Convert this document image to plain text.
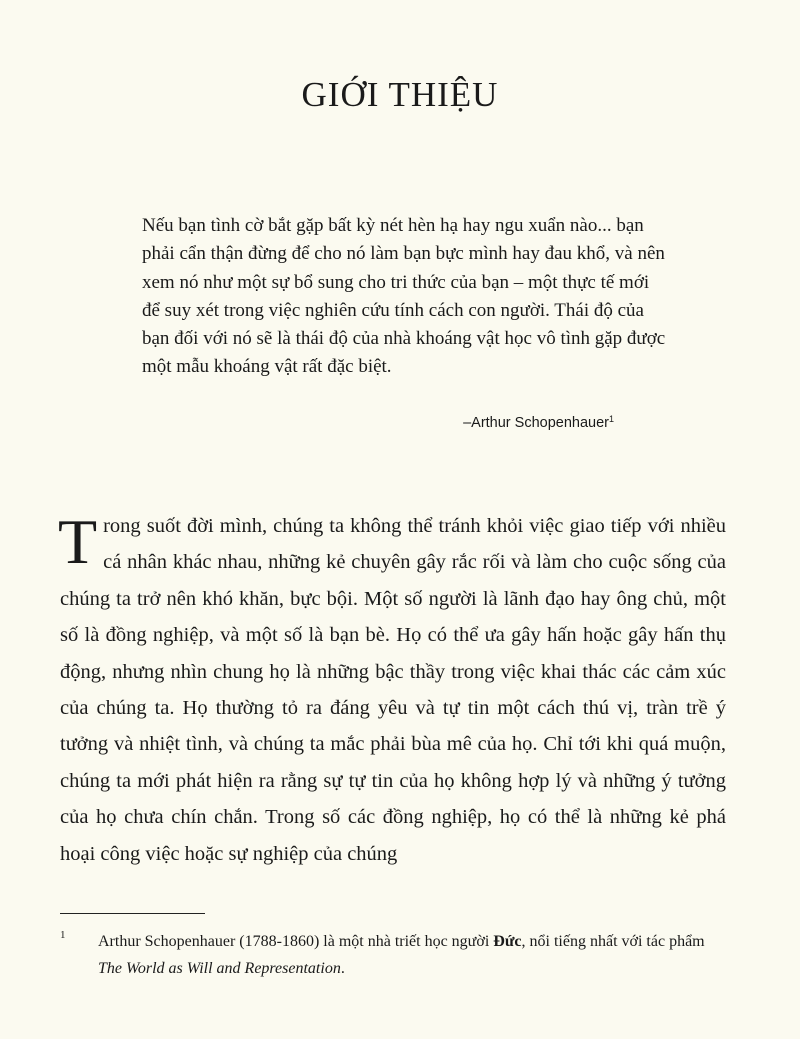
GIỚI THIỆU

Nếu bạn tình cờ bắt gặp bất kỳ nét hèn hạ hay ngu xuẩn nào... bạn phải cẩn thận đừng để cho nó làm bạn bực mình hay đau khổ, và nên xem nó như một sự bổ sung cho tri thức của bạn – một thực tế mới để suy xét trong việc nghiên cứu tính cách con người. Thái độ của bạn đối với nó sẽ là thái độ của nhà khoáng vật học vô tình gặp được một mẫu khoáng vật rất đặc biệt.

–Arthur Schopenhauer$^1$
T rong suốt đời mình, chúng ta không thể tránh khỏi việc giao tiếp với nhiều cá nhân khác nhau, những kẻ chuyên gây rắc rối và làm cho cuộc sống của chúng ta trở nên khó khăn, bực bội. Một số người là lãnh đạo hay ông chủ, một số là đồng nghiệp, và một số là bạn bè. Họ có thể ưa gây hấn hoặc gây hấn thụ động, nhưng nhìn chung họ là những bậc thầy trong việc khai thác các cảm xúc của chúng ta. Họ thường tỏ ra đáng yêu và tự tin một cách thú vị, tràn trề ý tưởng và nhiệt tình, và chúng ta mắc phải bùa mê của họ. Chỉ tới khi quá muộn, chúng ta mới phát hiện ra rằng sự tự tin của họ không hợp lý và những ý tưởng của họ chưa chín chắn. Trong số các đồng nghiệp, họ có thể là những kẻ phá hoại công việc hoặc sự nghiệp của chúng

1 Arthur Schopenhauer (1788-1860) là một nhà triết học người Đức, nổi tiếng nhất với tác phẩm The World as Will and Representation.
